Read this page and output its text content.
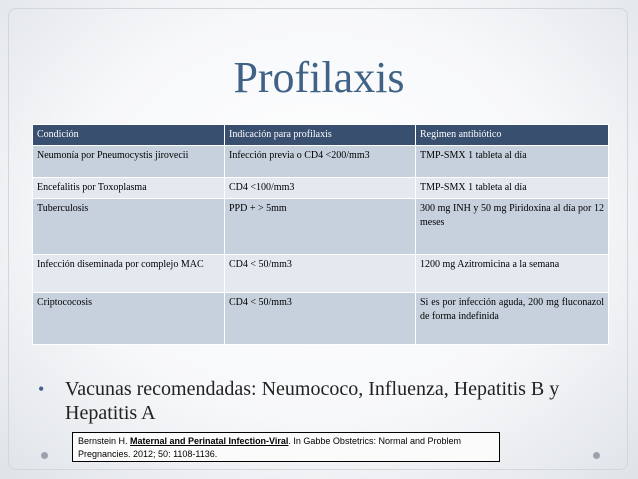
Profilaxis
Condición	Indicación para profilaxis	Regimen antibiótico
Neumonía por Pneumocystis jirovecii	Infección previa o CD4 <200/mm3	TMP-SMX 1 tableta al día
Encefalitis por Toxoplasma	CD4 <100/mm3	TMP-SMX 1 tableta al día
Tuberculosis	PPD + > 5mm	300 mg INH y 50 mg Piridoxina al día por 12 meses
Infección diseminada por complejo MAC	CD4 < 50/mm3	1200 mg Azitromicina a la semana
Criptococosis	CD4 < 50/mm3	Si es por infección aguda, 200 mg fluconazol de forma indefinida
• Vacunas recomendadas: Neumococo, Influenza, Hepatitis B y Hepatitis A
Bernstein H. Maternal and Perinatal Infection-Viral. In Gabbe Obstetrics: Normal and Problem Pregnancies. 2012; 50: 1108-1136.
